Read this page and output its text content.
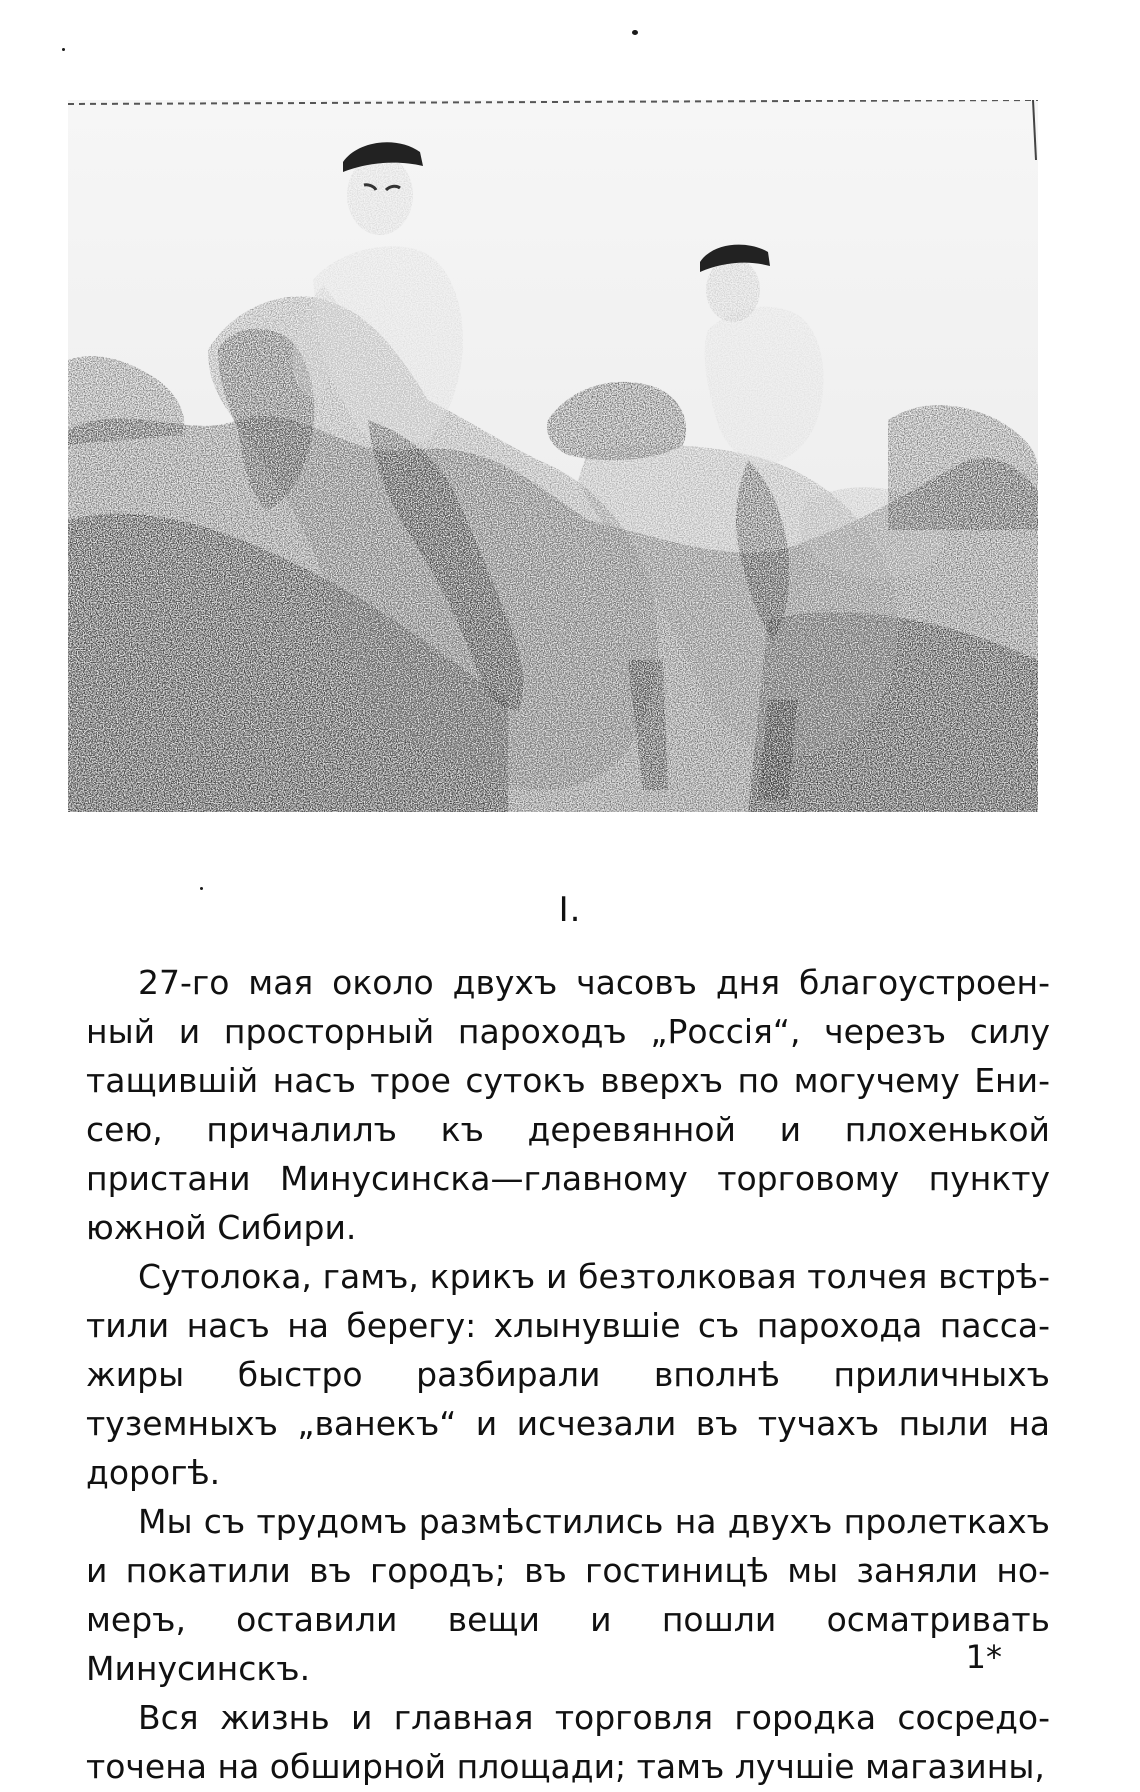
I.

27-го мая около двухъ часовъ дня благоустроен-ный и просторный пароходъ „Россія“, черезъ силу тащившій насъ трое сутокъ вверхъ по могучему Ени-сею, причалилъ къ деревянной и плохенькой пристани Минусинска—главному торговому пункту южной Сибири.

Сутолока, гамъ, крикъ и безтолковая толчея встрѣ-тили насъ на берегу: хлынувшіе съ парохода пасса-жиры быстро разбирали вполнѣ приличныхъ туземныхъ „ванекъ“ и исчезали въ тучахъ пыли на дорогѣ.

Мы съ трудомъ размѣстились на двухъ пролеткахъ и покатили въ городъ; въ гостиницѣ мы заняли но-меръ, оставили вещи и пошли осматривать Минусинскъ.

Вся жизнь и главная торговля городка сосредо-точена на обширной площади; тамъ лучшіе магазины,

1*
